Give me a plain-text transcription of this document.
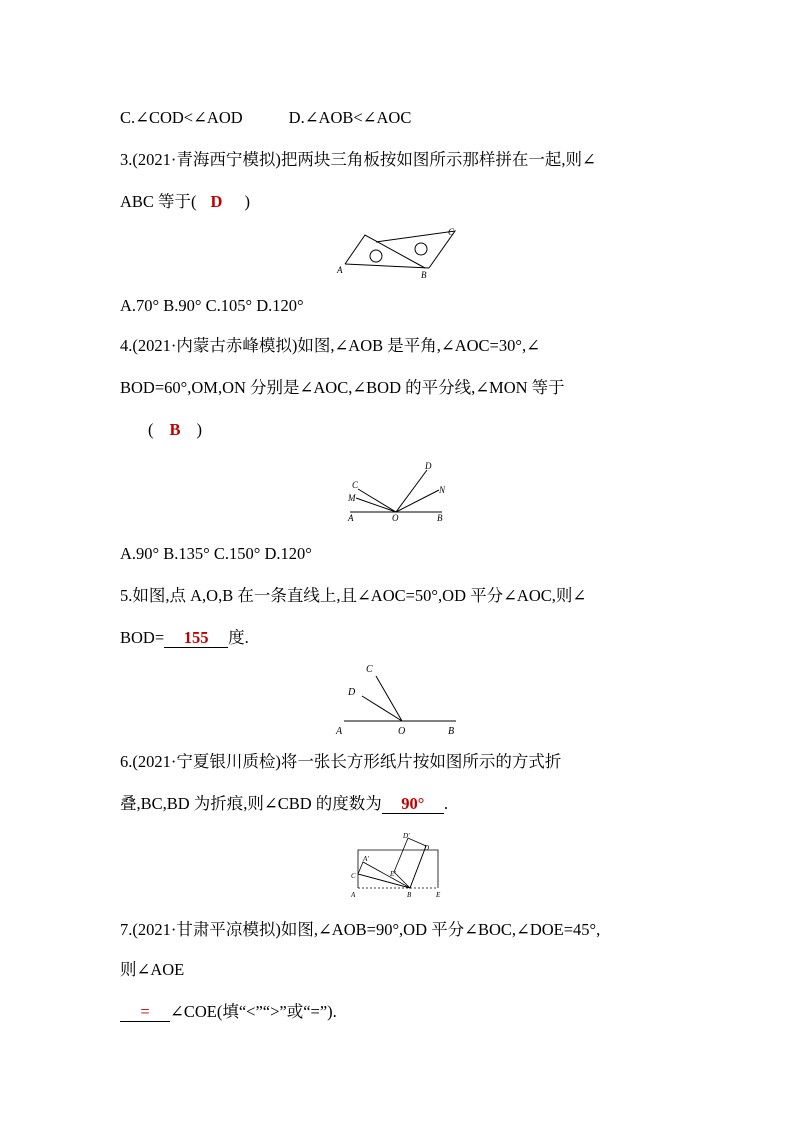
C.∠COD<∠AOD	D.∠AOB<∠AOC
3.(2021·青海西宁模拟)把两块三角板按如图所示那样拼在一起,则∠
ABC 等于( D )
A	B
C
A.70° B.90° C.105° D.120°
4.(2021·内蒙古赤峰模拟)如图,∠AOB 是平角,∠AOC=30°,∠
BOD=60°,OM,ON 分别是∠AOC,∠BOD 的平分线,∠MON 等于
( B )
A	O	B
C
M
D
N
A.90° B.135° C.150° D.120°
5.如图,点 A,O,B 在一条直线上,且∠AOC=50°,OD 平分∠AOC,则∠
BOD= 155 度.
A	O	B
C
D
6.(2021·宁夏银川质检)将一张长方形纸片按如图所示的方式折
叠,BC,BD 为折痕,则∠CBD 的度数为 90° .
A	B	E
C
D
A'
D'
E'
7.(2021·甘肃平凉模拟)如图,∠AOB=90°,OD 平分∠BOC,∠DOE=45°,
则∠AOE
= ∠COE(填“<”“>”或“=”).
